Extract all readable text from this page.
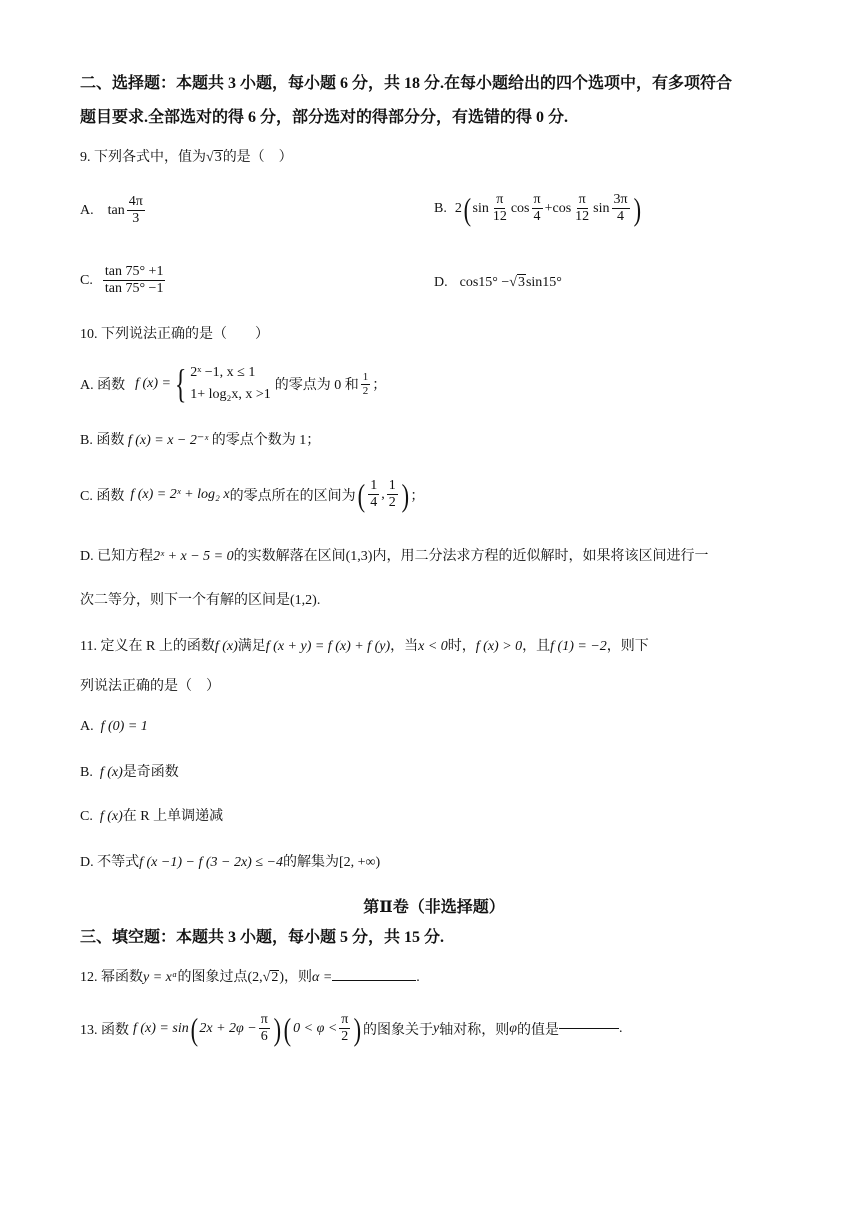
二、选择题：本题共 3 小题，每小题 6 分，共 18 分.在每小题给出的四个选项中，有多项符合
题目要求.全部选对的得 6 分，部分选对的得部分分，有选错的得 0 分.
9. 下列各式中，值为√ 3 的是（　）
A. $\tan \frac{4\pi}{3}$	B. 2 ( $\sin \frac{\pi}{12}$ $\cos \frac{\pi}{4} +\cos \frac{\pi}{12}$ $\sin \frac{3\pi}{4}$ )
C. $\frac{\tan 75^\circ +1}{\tan 75^\circ -1}$	D. cos15° − √ 3 sin15°
10. 下列说法正确的是（　　）
A. 函数 f (x) = { 2ˣ −1, x ≤ 1
1+ log₂x, x >1
的零点为 0 和 $\frac{1}{2}$ ；
B. 函数 f (x) = x − 2⁻ˣ 的零点个数为 1；
C. 函数 f (x) = 2ˣ + log₂ x 的零点所在的区间为 ( $\frac{1}{4}$ , $\frac{1}{2}$ ) ；
D. 已知方程2ˣ + x − 5 = 0的实数解落在区间(1,3)内，用二分法求方程的近似解时，如果将该区间进行一
次二等分，则下一个有解的区间是(1,2).
11. 定义在 R 上的函数f (x)满足f (x + y) = f (x) + f (y)，当x < 0时，f (x) > 0，且f (1) = −2，则下
列说法正确的是（　）
A. f (0) = 1
B. f (x)是奇函数
C. f (x)在 R 上单调递减
D. 不等式f (x −1) − f (3 − 2x) ≤ −4的解集为[2, +∞)
第Ⅱ卷（非选择题）
三、填空题：本题共 3 小题，每小题 5 分，共 15 分.
12. 幂函数y = xᵅ的图象过点(2,√ 2 )，则α =	.
13. 函数 f (x) = sin ( $2x + 2\varphi - \frac{\pi}{6}$ ) ( $0 < \varphi < \frac{\pi}{2}$ ) 的图象关于 y 轴对称，则 φ 的值是	.
